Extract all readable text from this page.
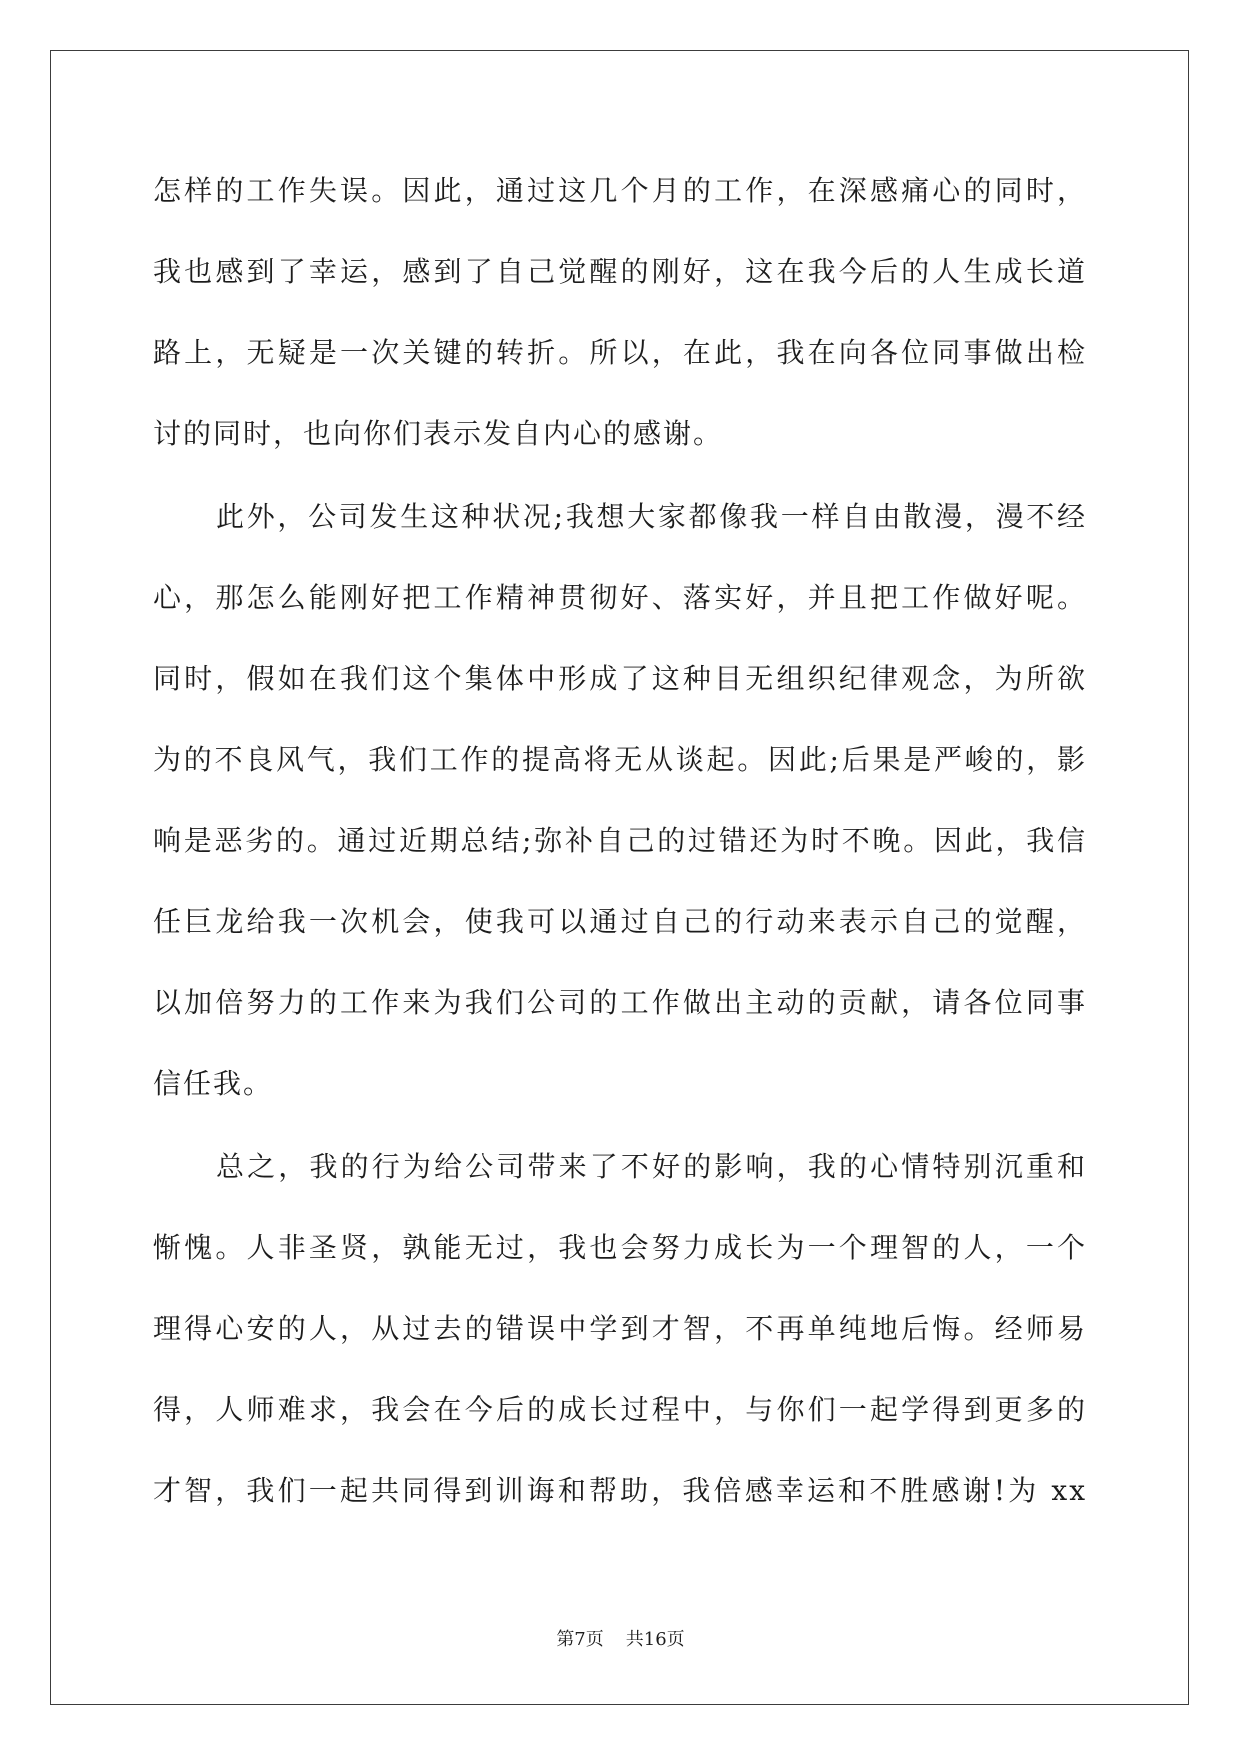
怎样的工作失误。因此，通过这几个月的工作，在深感痛心的同时，
我也感到了幸运，感到了自己觉醒的刚好，这在我今后的人生成长道
路上，无疑是一次关键的转折。所以，在此，我在向各位同事做出检
讨的同时，也向你们表示发自内心的感谢。
此外，公司发生这种状况;我想大家都像我一样自由散漫，漫不经
心，那怎么能刚好把工作精神贯彻好、落实好，并且把工作做好呢。
同时，假如在我们这个集体中形成了这种目无组织纪律观念，为所欲
为的不良风气，我们工作的提高将无从谈起。因此;后果是严峻的，影
响是恶劣的。通过近期总结;弥补自己的过错还为时不晚。因此，我信
任巨龙给我一次机会，使我可以通过自己的行动来表示自己的觉醒，
以加倍努力的工作来为我们公司的工作做出主动的贡献，请各位同事
信任我。
总之，我的行为给公司带来了不好的影响，我的心情特别沉重和
惭愧。人非圣贤，孰能无过，我也会努力成长为一个理智的人，一个
理得心安的人，从过去的错误中学到才智，不再单纯地后悔。经师易
得，人师难求，我会在今后的成长过程中，与你们一起学得到更多的
才智，我们一起共同得到训诲和帮助，我倍感幸运和不胜感谢!为 xx
第7页 共16页
